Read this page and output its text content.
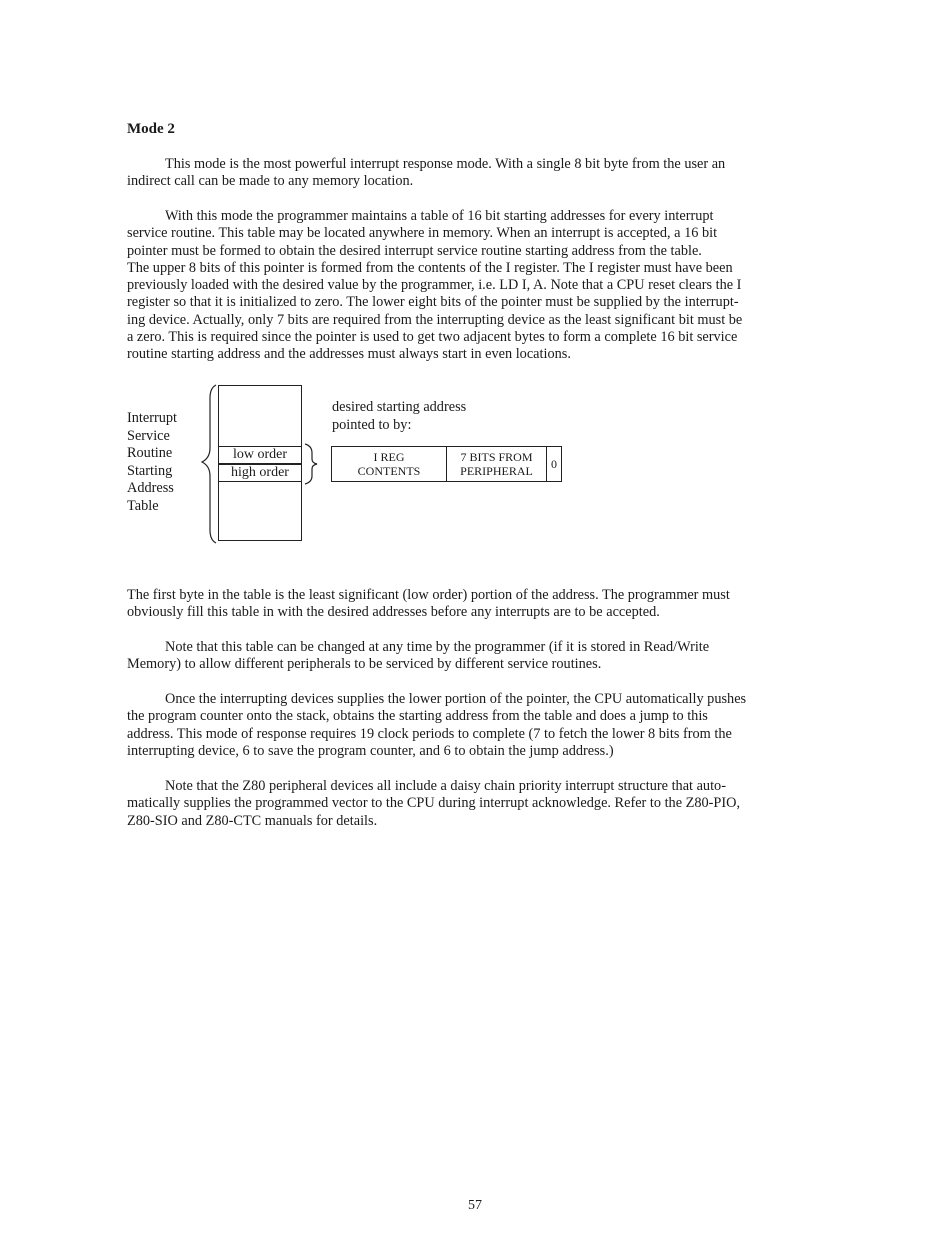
Mode 2

This mode is the most powerful interrupt response mode. With a single 8 bit byte from the user an
indirect call can be made to any memory location.

With this mode the programmer maintains a table of 16 bit starting addresses for every interrupt
service routine. This table may be located anywhere in memory. When an interrupt is accepted, a 16 bit
pointer must be formed to obtain the desired interrupt service routine starting address from the table.
The upper 8 bits of this pointer is formed from the contents of the I register. The I register must have been
previously loaded with the desired value by the programmer, i.e. LD I, A. Note that a CPU reset clears the I
register so that it is initialized to zero. The lower eight bits of the pointer must be supplied by the interrupt-
ing device. Actually, only 7 bits are required from the interrupting device as the least significant bit must be
a zero. This is required since the pointer is used to get two adjacent bytes to form a complete 16 bit service
routine starting address and the addresses must always start in even locations.

Interrupt
Service
Routine
Starting
Address
Table
low order
high order
desired starting address
pointed to by:
I REG
CONTENTS
7 BITS FROM
PERIPHERAL	0

The first byte in the table is the least significant (low order) portion of the address. The programmer must
obviously fill this table in with the desired addresses before any interrupts are to be accepted.

Note that this table can be changed at any time by the programmer (if it is stored in Read/Write
Memory) to allow different peripherals to be serviced by different service routines.

Once the interrupting devices supplies the lower portion of the pointer, the CPU automatically pushes
the program counter onto the stack, obtains the starting address from the table and does a jump to this
address. This mode of response requires 19 clock periods to complete (7 to fetch the lower 8 bits from the
interrupting device, 6 to save the program counter, and 6 to obtain the jump address.)

Note that the Z80 peripheral devices all include a daisy chain priority interrupt structure that auto-
matically supplies the programmed vector to the CPU during interrupt acknowledge. Refer to the Z80-PIO,
Z80-SIO and Z80-CTC manuals for details.

57
